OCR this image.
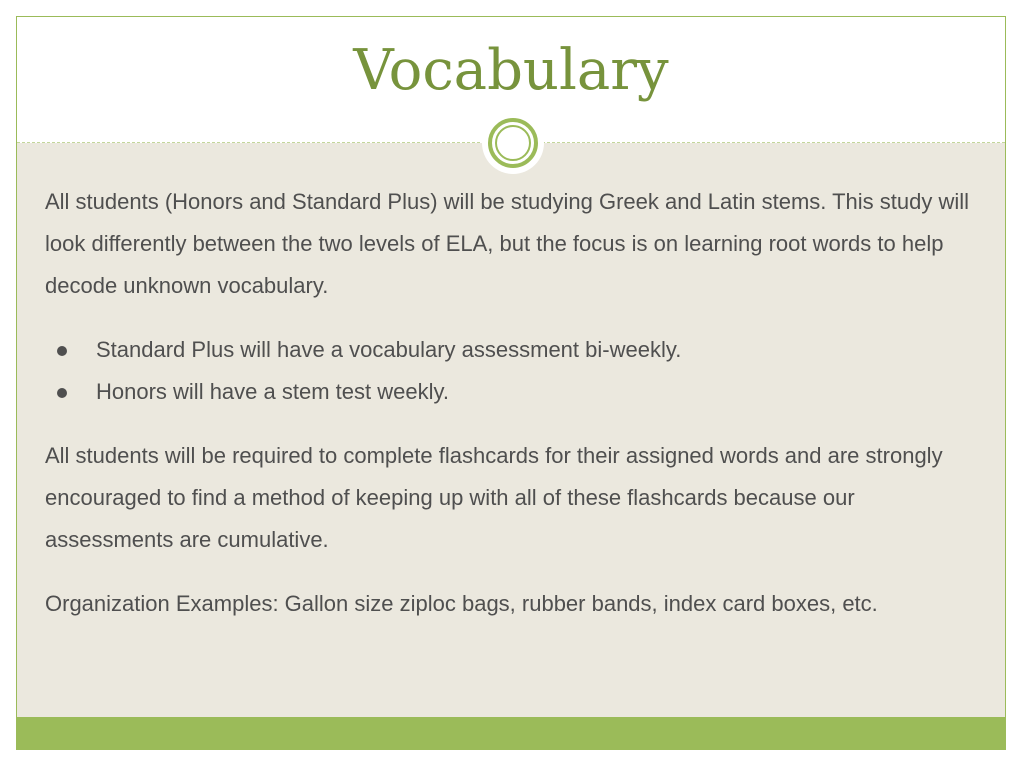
Vocabulary

All students (Honors and Standard Plus) will be studying Greek and Latin stems. This study will look differently between the two levels of ELA, but the focus is on learning root words to help decode unknown vocabulary.

Standard Plus will have a vocabulary assessment bi-weekly.
Honors will have a stem test weekly.

All students will be required to complete flashcards for their assigned words and are strongly encouraged to find a method of keeping up with all of these flashcards because our assessments are cumulative.

Organization Examples: Gallon size ziploc bags, rubber bands, index card boxes, etc.
